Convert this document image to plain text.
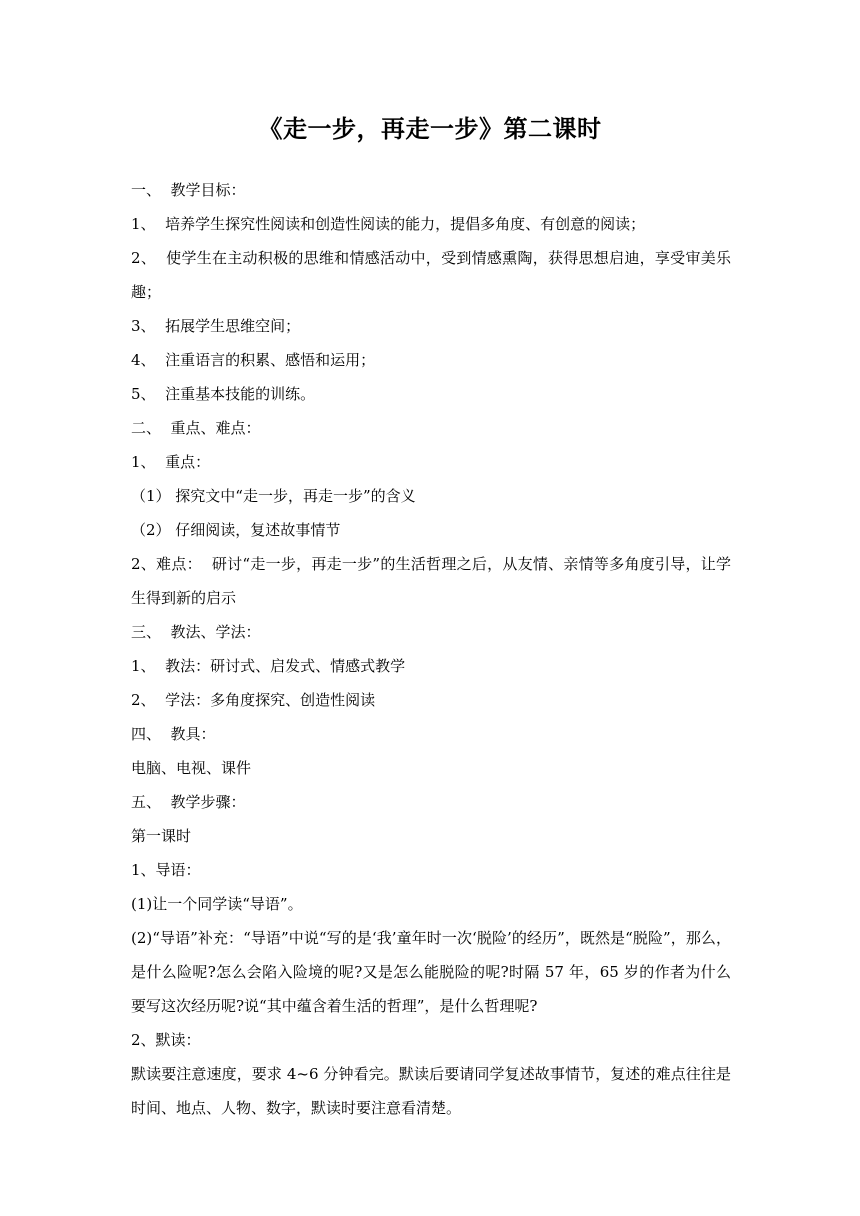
《走一步，再走一步》第二课时

一、  教学目标：

1、  培养学生探究性阅读和创造性阅读的能力，提倡多角度、有创意的阅读；

2、  使学生在主动积极的思维和情感活动中，受到情感熏陶，获得思想启迪，享受审美乐趣；

3、  拓展学生思维空间；

4、  注重语言的积累、感悟和运用；

5、  注重基本技能的训练。

二、  重点、难点：

1、  重点：

（1） 探究文中“走一步，再走一步”的含义

（2） 仔细阅读，复述故事情节

2、难点：  研讨“走一步，再走一步”的生活哲理之后，从友情、亲情等多角度引导，让学生得到新的启示

三、  教法、学法：

1、  教法：研讨式、启发式、情感式教学

2、  学法：多角度探究、创造性阅读

四、  教具：

电脑、电视、课件

五、  教学步骤：

第一课时

1、导语：

(1)让一个同学读“导语”。

(2)“导语”补充：“导语”中说“写的是‘我’童年时一次‘脱险’的经历”，既然是“脱险”，那么，是什么险呢?怎么会陷入险境的呢?又是怎么能脱险的呢?时隔 57 年，65 岁的作者为什么要写这次经历呢?说“其中蕴含着生活的哲理”，是什么哲理呢?

2、默读：

默读要注意速度，要求 4~6 分钟看完。默读后要请同学复述故事情节，复述的难点往往是时间、地点、人物、数字，默读时要注意看清楚。
